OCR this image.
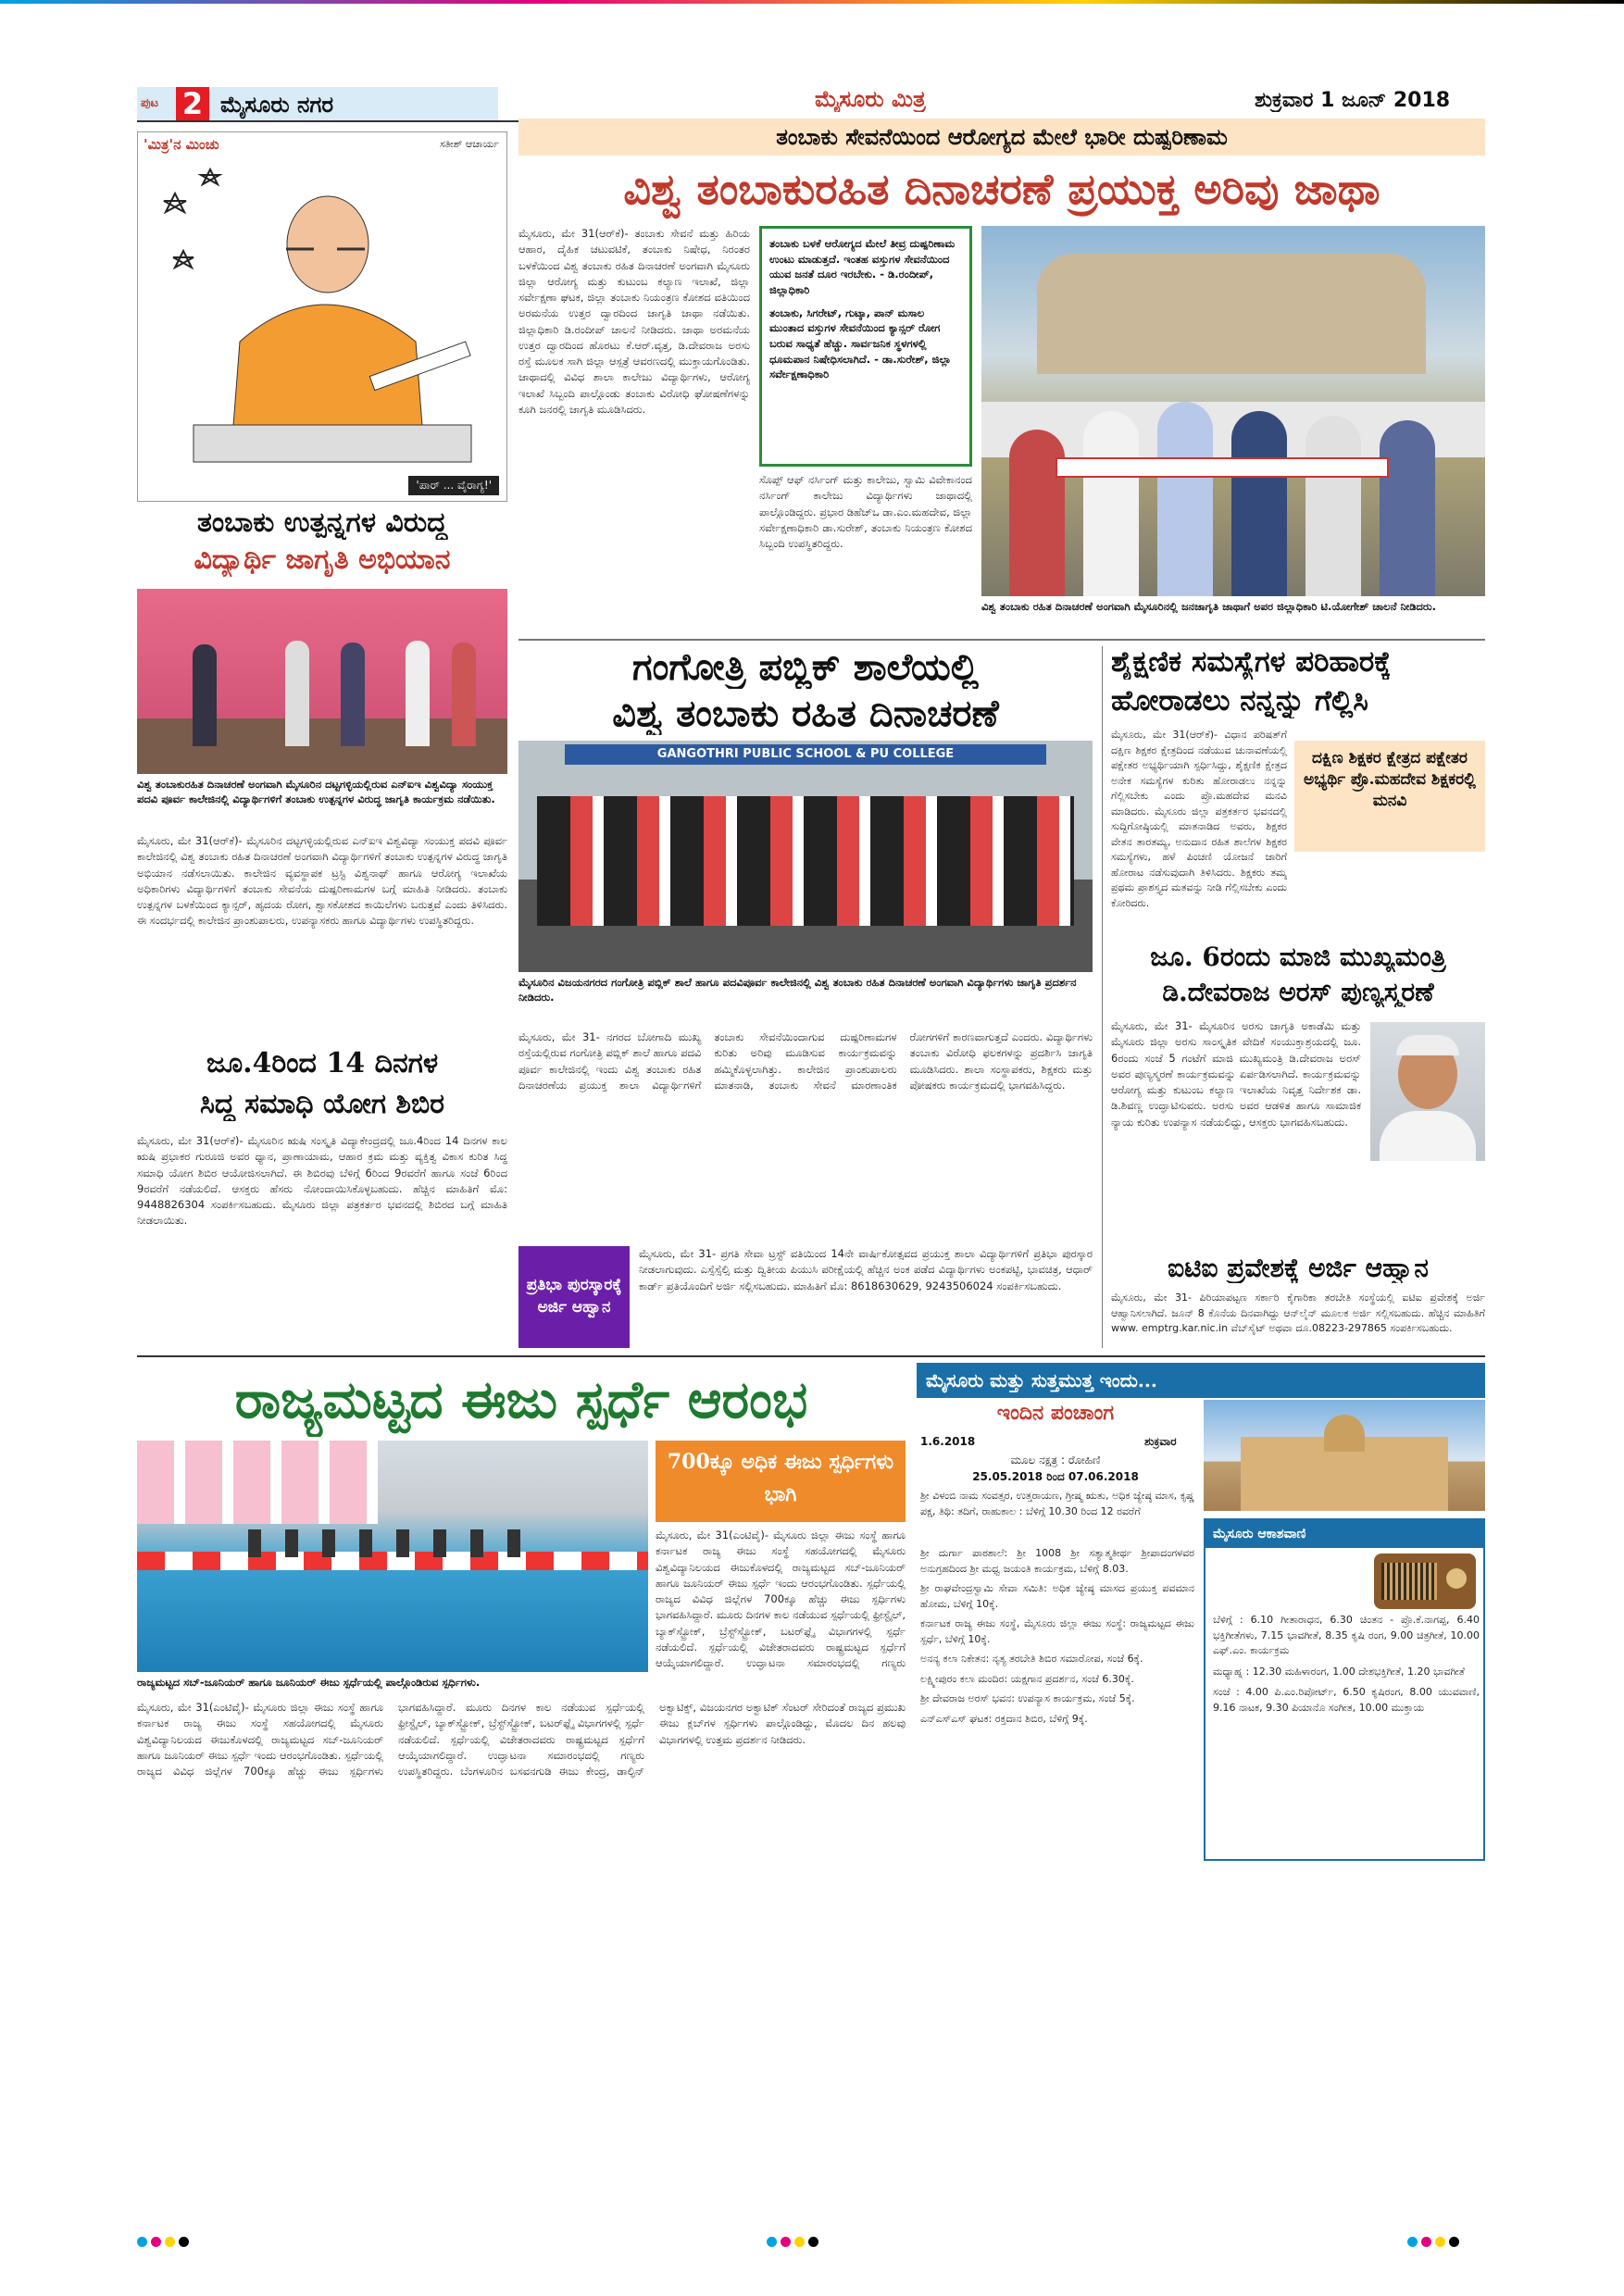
ಪುಟ 2 ಮೈಸೂರು ನಗರ	ಮೈಸೂರು ಮಿತ್ರ	ಶುಕ್ರವಾರ 1 ಜೂನ್ 2018
'ಮಿತ್ರ'ನ ಮಿಂಚು	ಸತೀಶ್ ಆಚಾರ್ಯ
'ಪಾರ್ ... ವೈರಾಗ್ಯ!'
ತಂಬಾಕು ಉತ್ಪನ್ನಗಳ ವಿರುದ್ಧ
ವಿದ್ಯಾರ್ಥಿ ಜಾಗೃತಿ ಅಭಿಯಾನ
ವಿಶ್ವ ತಂಬಾಕುರಹಿತ ದಿನಾಚರಣೆ ಅಂಗವಾಗಿ ಮೈಸೂರಿನ ದಟ್ಟಗಳ್ಳಿಯಲ್ಲಿರುವ ಎನ್‌ಐಇ ವಿಶ್ವವಿದ್ಯಾ ಸಂಯುಕ್ತ ಪದವಿ ಪೂರ್ವ ಕಾಲೇಜಿನಲ್ಲಿ ವಿದ್ಯಾರ್ಥಿಗಳಿಗೆ ತಂಬಾಕು ಉತ್ಪನ್ನಗಳ ವಿರುದ್ಧ ಜಾಗೃತಿ ಕಾರ್ಯಕ್ರಮ ನಡೆಯಿತು.
ಮೈಸೂರು, ಮೇ 31(ಆರ್‌ಕೆ)- ಮೈಸೂರಿನ ದಟ್ಟಗಳ್ಳಿಯಲ್ಲಿರುವ ಎನ್‌ಐಇ ವಿಶ್ವವಿದ್ಯಾ ಸಂಯುಕ್ತ ಪದವಿ ಪೂರ್ವ ಕಾಲೇಜಿನಲ್ಲಿ ವಿಶ್ವ ತಂಬಾಕು ರಹಿತ ದಿನಾಚರಣೆ ಅಂಗವಾಗಿ ವಿದ್ಯಾರ್ಥಿಗಳಿಗೆ ತಂಬಾಕು ಉತ್ಪನ್ನಗಳ ವಿರುದ್ಧ ಜಾಗೃತಿ ಅಭಿಯಾನ ನಡೆಸಲಾಯಿತು. ಕಾಲೇಜಿನ ವ್ಯವಸ್ಥಾಪಕ ಟ್ರಸ್ಟಿ ವಿಶ್ವನಾಥ್ ಹಾಗೂ ಆರೋಗ್ಯ ಇಲಾಖೆಯ ಅಧಿಕಾರಿಗಳು ವಿದ್ಯಾರ್ಥಿಗಳಿಗೆ ತಂಬಾಕು ಸೇವನೆಯ ದುಷ್ಪರಿಣಾಮಗಳ ಬಗ್ಗೆ ಮಾಹಿತಿ ನೀಡಿದರು. ತಂಬಾಕು ಉತ್ಪನ್ನಗಳ ಬಳಕೆಯಿಂದ ಕ್ಯಾನ್ಸರ್, ಹೃದಯ ರೋಗ, ಶ್ವಾಸಕೋಶದ ಕಾಯಿಲೆಗಳು ಬರುತ್ತವೆ ಎಂದು ತಿಳಿಸಿದರು. ಈ ಸಂದರ್ಭದಲ್ಲಿ ಕಾಲೇಜಿನ ಪ್ರಾಂಶುಪಾಲರು, ಉಪನ್ಯಾಸಕರು ಹಾಗೂ ವಿದ್ಯಾರ್ಥಿಗಳು ಉಪಸ್ಥಿತರಿದ್ದರು.
ಜೂ.4ರಿಂದ 14 ದಿನಗಳ
ಸಿದ್ಧ ಸಮಾಧಿ ಯೋಗ ಶಿಬಿರ
ಮೈಸೂರು, ಮೇ 31(ಆರ್‌ಕೆ)- ಮೈಸೂರಿನ ಋಷಿ ಸಂಸ್ಕೃತಿ ವಿದ್ಯಾಕೇಂದ್ರದಲ್ಲಿ ಜೂ.4ರಿಂದ 14 ದಿನಗಳ ಕಾಲ ಋಷಿ ಪ್ರಭಾಕರ ಗುರೂಜಿ ಅವರ ಧ್ಯಾನ, ಪ್ರಾಣಾಯಾಮ, ಆಹಾರ ಕ್ರಮ ಮತ್ತು ವ್ಯಕ್ತಿತ್ವ ವಿಕಾಸ ಕುರಿತ ಸಿದ್ಧ ಸಮಾಧಿ ಯೋಗ ಶಿಬಿರ ಆಯೋಜಿಸಲಾಗಿದೆ. ಈ ಶಿಬಿರವು ಬೆಳಿಗ್ಗೆ 6ರಿಂದ 9ರವರೆಗೆ ಹಾಗೂ ಸಂಜೆ 6ರಿಂದ 9ರವರೆಗೆ ನಡೆಯಲಿದೆ. ಆಸಕ್ತರು ಹೆಸರು ನೋಂದಾಯಿಸಿಕೊಳ್ಳಬಹುದು. ಹೆಚ್ಚಿನ ಮಾಹಿತಿಗೆ ಮೊ: 9448826304 ಸಂಪರ್ಕಿಸಬಹುದು. ಮೈಸೂರು ಜಿಲ್ಲಾ ಪತ್ರಕರ್ತರ ಭವನದಲ್ಲಿ ಶಿಬಿರದ ಬಗ್ಗೆ ಮಾಹಿತಿ ನೀಡಲಾಯಿತು.
ತಂಬಾಕು ಸೇವನೆಯಿಂದ ಆರೋಗ್ಯದ ಮೇಲೆ ಭಾರೀ ದುಷ್ಪರಿಣಾಮ
ವಿಶ್ವ ತಂಬಾಕುರಹಿತ ದಿನಾಚರಣೆ ಪ್ರಯುಕ್ತ ಅರಿವು ಜಾಥಾ
ಮೈಸೂರು, ಮೇ 31(ಆರ್‌ಕೆ)- ತಂಬಾಕು ಸೇವನೆ ಮತ್ತು ಹಿರಿಯ ಆಹಾರ, ದೈಹಿಕ ಚಟುವಟಿಕೆ, ತಂಬಾಕು ನಿಷೇಧ, ನಿರಂತರ ಬಳಕೆಯಿಂದ ವಿಶ್ವ ತಂಬಾಕು ರಹಿತ ದಿನಾಚರಣೆ ಅಂಗವಾಗಿ ಮೈಸೂರು ಜಿಲ್ಲಾ ಆರೋಗ್ಯ ಮತ್ತು ಕುಟುಂಬ ಕಲ್ಯಾಣ ಇಲಾಖೆ, ಜಿಲ್ಲಾ ಸರ್ವೇಕ್ಷಣಾ ಘಟಕ, ಜಿಲ್ಲಾ ತಂಬಾಕು ನಿಯಂತ್ರಣ ಕೋಶದ ವತಿಯಿಂದ ಅರಮನೆಯ ಉತ್ತರ ದ್ವಾರದಿಂದ ಜಾಗೃತಿ ಜಾಥಾ ನಡೆಯಿತು. ಜಿಲ್ಲಾಧಿಕಾರಿ ಡಿ.ರಂದೀಪ್ ಚಾಲನೆ ನೀಡಿದರು. ಜಾಥಾ ಅರಮನೆಯ ಉತ್ತರ ದ್ವಾರದಿಂದ ಹೊರಟು ಕೆ.ಆರ್.ವೃತ್ತ, ಡಿ.ದೇವರಾಜ ಅರಸು ರಸ್ತೆ ಮೂಲಕ ಸಾಗಿ ಜಿಲ್ಲಾ ಆಸ್ಪತ್ರೆ ಆವರಣದಲ್ಲಿ ಮುಕ್ತಾಯಗೊಂಡಿತು. ಜಾಥಾದಲ್ಲಿ ವಿವಿಧ ಶಾಲಾ ಕಾಲೇಜು ವಿದ್ಯಾರ್ಥಿಗಳು, ಆರೋಗ್ಯ ಇಲಾಖೆ ಸಿಬ್ಬಂದಿ ಪಾಲ್ಗೊಂಡು ತಂಬಾಕು ವಿರೋಧಿ ಘೋಷಣೆಗಳನ್ನು ಕೂಗಿ ಜನರಲ್ಲಿ ಜಾಗೃತಿ ಮೂಡಿಸಿದರು.

ತಂಬಾಕು ಬಳಕೆ ಆರೋಗ್ಯದ ಮೇಲೆ ತೀವ್ರ ದುಷ್ಪರಿಣಾಮ ಉಂಟು ಮಾಡುತ್ತದೆ. ಇಂತಹ ವಸ್ತುಗಳ ಸೇವನೆಯಿಂದ ಯುವ ಜನತೆ ದೂರ ಇರಬೇಕು. - ಡಿ.ರಂದೀಪ್, ಜಿಲ್ಲಾಧಿಕಾರಿ

ತಂಬಾಕು, ಸಿಗರೇಟ್, ಗುಟ್ಕಾ, ಪಾನ್ ಮಸಾಲ ಮುಂತಾದ ವಸ್ತುಗಳ ಸೇವನೆಯಿಂದ ಕ್ಯಾನ್ಸರ್ ರೋಗ ಬರುವ ಸಾಧ್ಯತೆ ಹೆಚ್ಚು. ಸಾರ್ವಜನಿಕ ಸ್ಥಳಗಳಲ್ಲಿ ಧೂಮಪಾನ ನಿಷೇಧಿಸಲಾಗಿದೆ. - ಡಾ.ಸುರೇಶ್, ಜಿಲ್ಲಾ ಸರ್ವೇಕ್ಷಣಾಧಿಕಾರಿ

ಸೊಪ್ಪ್ ಆಫ್ ನರ್ಸಿಂಗ್ ಮತ್ತು ಕಾಲೇಜು, ಸ್ವಾಮಿ ವಿವೇಕಾನಂದ ನರ್ಸಿಂಗ್ ಕಾಲೇಜು ವಿದ್ಯಾರ್ಥಿಗಳು ಜಾಥಾದಲ್ಲಿ ಪಾಲ್ಗೊಂಡಿದ್ದರು. ಪ್ರಭಾರ ಡಿಹೆಚ್‌ಒ ಡಾ.ಎಂ.ಮಹದೇವ, ಜಿಲ್ಲಾ ಸರ್ವೇಕ್ಷಣಾಧಿಕಾರಿ ಡಾ.ಸುರೇಶ್, ತಂಬಾಕು ನಿಯಂತ್ರಣ ಕೋಶದ ಸಿಬ್ಬಂದಿ ಉಪಸ್ಥಿತರಿದ್ದರು.
ವಿಶ್ವ ತಂಬಾಕು ರಹಿತ ದಿನಾಚರಣೆ ಅಂಗವಾಗಿ ಮೈಸೂರಿನಲ್ಲಿ ಜನಜಾಗೃತಿ ಜಾಥಾಗೆ ಅಪರ ಜಿಲ್ಲಾಧಿಕಾರಿ ಟಿ.ಯೋಗೇಶ್ ಚಾಲನೆ ನೀಡಿದರು.
ಗಂಗೋತ್ರಿ ಪಬ್ಲಿಕ್ ಶಾಲೆಯಲ್ಲಿ
ವಿಶ್ವ ತಂಬಾಕು ರಹಿತ ದಿನಾಚರಣೆ
GANGOTHRI PUBLIC SCHOOL & PU COLLEGE
ಮೈಸೂರಿನ ವಿಜಯನಗರದ ಗಂಗೋತ್ರಿ ಪಬ್ಲಿಕ್ ಶಾಲೆ ಹಾಗೂ ಪದವಿಪೂರ್ವ ಕಾಲೇಜಿನಲ್ಲಿ ವಿಶ್ವ ತಂಬಾಕು ರಹಿತ ದಿನಾಚರಣೆ ಅಂಗವಾಗಿ ವಿದ್ಯಾರ್ಥಿಗಳು ಜಾಗೃತಿ ಪ್ರದರ್ಶನ ನೀಡಿದರು.
ಮೈಸೂರು, ಮೇ 31- ನಗರದ ಬೋಗಾದಿ ಮುಖ್ಯ ರಸ್ತೆಯಲ್ಲಿರುವ ಗಂಗೋತ್ರಿ ಪಬ್ಲಿಕ್ ಶಾಲೆ ಹಾಗೂ ಪದವಿ ಪೂರ್ವ ಕಾಲೇಜಿನಲ್ಲಿ ಇಂದು ವಿಶ್ವ ತಂಬಾಕು ರಹಿತ ದಿನಾಚರಣೆಯ ಪ್ರಯುಕ್ತ ಶಾಲಾ ವಿದ್ಯಾರ್ಥಿಗಳಿಗೆ ತಂಬಾಕು ಸೇವನೆಯಿಂದಾಗುವ ದುಷ್ಪರಿಣಾಮಗಳ ಕುರಿತು ಅರಿವು ಮೂಡಿಸುವ ಕಾರ್ಯಕ್ರಮವನ್ನು ಹಮ್ಮಿಕೊಳ್ಳಲಾಗಿತ್ತು. ಕಾಲೇಜಿನ ಪ್ರಾಂಶುಪಾಲರು ಮಾತನಾಡಿ, ತಂಬಾಕು ಸೇವನೆ ಮಾರಣಾಂತಿಕ ರೋಗಗಳಿಗೆ ಕಾರಣವಾಗುತ್ತದೆ ಎಂದರು. ವಿದ್ಯಾರ್ಥಿಗಳು ತಂಬಾಕು ವಿರೋಧಿ ಫಲಕಗಳನ್ನು ಪ್ರದರ್ಶಿಸಿ ಜಾಗೃತಿ ಮೂಡಿಸಿದರು. ಶಾಲಾ ಸಂಸ್ಥಾಪಕರು, ಶಿಕ್ಷಕರು ಮತ್ತು ಪೋಷಕರು ಕಾರ್ಯಕ್ರಮದಲ್ಲಿ ಭಾಗವಹಿಸಿದ್ದರು.
ಪ್ರತಿಭಾ ಪುರಸ್ಕಾರಕ್ಕೆ ಅರ್ಜಿ ಆಹ್ವಾನ
ಮೈಸೂರು, ಮೇ 31- ಪ್ರಗತಿ ಸೇವಾ ಟ್ರಸ್ಟ್ ವತಿಯಿಂದ 14ನೇ ವಾರ್ಷಿಕೋತ್ಸವದ ಪ್ರಯುಕ್ತ ಶಾಲಾ ವಿದ್ಯಾರ್ಥಿಗಳಿಗೆ ಪ್ರತಿಭಾ ಪುರಸ್ಕಾರ ನೀಡಲಾಗುವುದು. ಎಸ್ಸೆಸ್ಸೆಲ್ಸಿ ಮತ್ತು ದ್ವಿತೀಯ ಪಿಯುಸಿ ಪರೀಕ್ಷೆಯಲ್ಲಿ ಹೆಚ್ಚಿನ ಅಂಕ ಪಡೆದ ವಿದ್ಯಾರ್ಥಿಗಳು ಅಂಕಪಟ್ಟಿ, ಭಾವಚಿತ್ರ, ಆಧಾರ್ ಕಾರ್ಡ್ ಪ್ರತಿಯೊಂದಿಗೆ ಅರ್ಜಿ ಸಲ್ಲಿಸಬಹುದು. ಮಾಹಿತಿಗೆ ಮೊ: 8618630629, 9243506024 ಸಂಪರ್ಕಿಸಬಹುದು.
ಶೈಕ್ಷಣಿಕ ಸಮಸ್ಯೆಗಳ ಪರಿಹಾರಕ್ಕೆ
ಹೋರಾಡಲು ನನ್ನನ್ನು ಗೆಲ್ಲಿಸಿ
ದಕ್ಷಿಣ ಶಿಕ್ಷಕರ ಕ್ಷೇತ್ರದ ಪಕ್ಷೇತರ ಅಭ್ಯರ್ಥಿ ಪ್ರೊ.ಮಹದೇವ ಶಿಕ್ಷಕರಲ್ಲಿ ಮನವಿ
ಮೈಸೂರು, ಮೇ 31(ಆರ್‌ಕೆ)- ವಿಧಾನ ಪರಿಷತ್‌ಗೆ ದಕ್ಷಿಣ ಶಿಕ್ಷಕರ ಕ್ಷೇತ್ರದಿಂದ ನಡೆಯುವ ಚುನಾವಣೆಯಲ್ಲಿ ಪಕ್ಷೇತರ ಅಭ್ಯರ್ಥಿಯಾಗಿ ಸ್ಪರ್ಧಿಸಿದ್ದು, ಶೈಕ್ಷಣಿಕ ಕ್ಷೇತ್ರದ ಅನೇಕ ಸಮಸ್ಯೆಗಳ ಕುರಿತು ಹೋರಾಡಲು ನನ್ನನ್ನು ಗೆಲ್ಲಿಸಬೇಕು ಎಂದು ಪ್ರೊ.ಮಹದೇವ ಮನವಿ ಮಾಡಿದರು. ಮೈಸೂರು ಜಿಲ್ಲಾ ಪತ್ರಕರ್ತರ ಭವನದಲ್ಲಿ ಸುದ್ದಿಗೋಷ್ಠಿಯಲ್ಲಿ ಮಾತನಾಡಿದ ಅವರು, ಶಿಕ್ಷಕರ ವೇತನ ತಾರತಮ್ಯ, ಅನುದಾನ ರಹಿತ ಶಾಲೆಗಳ ಶಿಕ್ಷಕರ ಸಮಸ್ಯೆಗಳು, ಹಳೆ ಪಿಂಚಣಿ ಯೋಜನೆ ಜಾರಿಗೆ ಹೋರಾಟ ನಡೆಸುವುದಾಗಿ ತಿಳಿಸಿದರು. ಶಿಕ್ಷಕರು ತಮ್ಮ ಪ್ರಥಮ ಪ್ರಾಶಸ್ತ್ಯದ ಮತವನ್ನು ನೀಡಿ ಗೆಲ್ಲಿಸಬೇಕು ಎಂದು ಕೋರಿದರು.
ಜೂ. 6ರಂದು ಮಾಜಿ ಮುಖ್ಯಮಂತ್ರಿ
ಡಿ.ದೇವರಾಜ ಅರಸ್ ಪುಣ್ಯಸ್ಮರಣೆ
ಮೈಸೂರು, ಮೇ 31- ಮೈಸೂರಿನ ಅರಸು ಜಾಗೃತಿ ಅಕಾಡೆಮಿ ಮತ್ತು ಮೈಸೂರು ಜಿಲ್ಲಾ ಅರಸು ಸಾಂಸ್ಕೃತಿಕ ವೇದಿಕೆ ಸಂಯುಕ್ತಾಶ್ರಯದಲ್ಲಿ ಜೂ. 6ರಂದು ಸಂಜೆ 5 ಗಂಟೆಗೆ ಮಾಜಿ ಮುಖ್ಯಮಂತ್ರಿ ಡಿ.ದೇವರಾಜ ಅರಸ್ ಅವರ ಪುಣ್ಯಸ್ಮರಣೆ ಕಾರ್ಯಕ್ರಮವನ್ನು ಏರ್ಪಡಿಸಲಾಗಿದೆ. ಕಾರ್ಯಕ್ರಮವನ್ನು ಆರೋಗ್ಯ ಮತ್ತು ಕುಟುಂಬ ಕಲ್ಯಾಣ ಇಲಾಖೆಯ ನಿವೃತ್ತ ನಿರ್ದೇಶಕ ಡಾ. ಡಿ.ಶಿವಣ್ಣ ಉದ್ಘಾಟಿಸುವರು. ಅರಸು ಅವರ ಆಡಳಿತ ಹಾಗೂ ಸಾಮಾಜಿಕ ನ್ಯಾಯ ಕುರಿತು ಉಪನ್ಯಾಸ ನಡೆಯಲಿದ್ದು, ಆಸಕ್ತರು ಭಾಗವಹಿಸಬಹುದು.
ಐಟಿಐ ಪ್ರವೇಶಕ್ಕೆ ಅರ್ಜಿ ಆಹ್ವಾನ
ಮೈಸೂರು, ಮೇ 31- ಪಿರಿಯಾಪಟ್ಟಣ ಸರ್ಕಾರಿ ಕೈಗಾರಿಕಾ ತರಬೇತಿ ಸಂಸ್ಥೆಯಲ್ಲಿ ಐಟಿಐ ಪ್ರವೇಶಕ್ಕೆ ಅರ್ಜಿ ಆಹ್ವಾನಿಸಲಾಗಿದೆ. ಜೂನ್ 8 ಕೊನೆಯ ದಿನವಾಗಿದ್ದು ಆನ್‌ಲೈನ್ ಮೂಲಕ ಅರ್ಜಿ ಸಲ್ಲಿಸಬಹುದು. ಹೆಚ್ಚಿನ ಮಾಹಿತಿಗೆ www. emptrg.kar.nic.in ವೆಬ್‌ಸೈಟ್ ಅಥವಾ ದೂ.08223-297865 ಸಂಪರ್ಕಿಸಬಹುದು.
ರಾಜ್ಯಮಟ್ಟದ ಈಜು ಸ್ಪರ್ಧೆ ಆರಂಭ
700ಕ್ಕೂ ಅಧಿಕ ಈಜು ಸ್ಪರ್ಧಿಗಳು ಭಾಗಿ
ಮೈಸೂರು, ಮೇ 31(ಎಂಟಿವೈ)- ಮೈಸೂರು ಜಿಲ್ಲಾ ಈಜು ಸಂಸ್ಥೆ ಹಾಗೂ ಕರ್ನಾಟಕ ರಾಜ್ಯ ಈಜು ಸಂಸ್ಥೆ ಸಹಯೋಗದಲ್ಲಿ ಮೈಸೂರು ವಿಶ್ವವಿದ್ಯಾನಿಲಯದ ಈಜುಕೊಳದಲ್ಲಿ ರಾಜ್ಯಮಟ್ಟದ ಸಬ್-ಜೂನಿಯರ್ ಹಾಗೂ ಜೂನಿಯರ್ ಈಜು ಸ್ಪರ್ಧೆ ಇಂದು ಆರಂಭಗೊಂಡಿತು. ಸ್ಪರ್ಧೆಯಲ್ಲಿ ರಾಜ್ಯದ ವಿವಿಧ ಜಿಲ್ಲೆಗಳ 700ಕ್ಕೂ ಹೆಚ್ಚು ಈಜು ಸ್ಪರ್ಧಿಗಳು ಭಾಗವಹಿಸಿದ್ದಾರೆ. ಮೂರು ದಿನಗಳ ಕಾಲ ನಡೆಯುವ ಸ್ಪರ್ಧೆಯಲ್ಲಿ ಫ್ರೀಸ್ಟೈಲ್, ಬ್ಯಾಕ್‌ಸ್ಟ್ರೋಕ್, ಬ್ರೆಸ್ಟ್‌ಸ್ಟ್ರೋಕ್, ಬಟರ್‌ಫ್ಲೈ ವಿಭಾಗಗಳಲ್ಲಿ ಸ್ಪರ್ಧೆ ನಡೆಯಲಿದೆ. ಸ್ಪರ್ಧೆಯಲ್ಲಿ ವಿಜೇತರಾದವರು ರಾಷ್ಟ್ರಮಟ್ಟದ ಸ್ಪರ್ಧೆಗೆ ಆಯ್ಕೆಯಾಗಲಿದ್ದಾರೆ. ಉದ್ಘಾಟನಾ ಸಮಾರಂಭದಲ್ಲಿ ಗಣ್ಯರು
ರಾಜ್ಯಮಟ್ಟದ ಸಬ್-ಜೂನಿಯರ್ ಹಾಗೂ ಜೂನಿಯರ್ ಈಜು ಸ್ಪರ್ಧೆಯಲ್ಲಿ ಪಾಲ್ಗೊಂಡಿರುವ ಸ್ಪರ್ಧಿಗಳು.
ಮೈಸೂರು, ಮೇ 31(ಎಂಟಿವೈ)- ಮೈಸೂರು ಜಿಲ್ಲಾ ಈಜು ಸಂಸ್ಥೆ ಹಾಗೂ ಕರ್ನಾಟಕ ರಾಜ್ಯ ಈಜು ಸಂಸ್ಥೆ ಸಹಯೋಗದಲ್ಲಿ ಮೈಸೂರು ವಿಶ್ವವಿದ್ಯಾನಿಲಯದ ಈಜುಕೊಳದಲ್ಲಿ ರಾಜ್ಯಮಟ್ಟದ ಸಬ್-ಜೂನಿಯರ್ ಹಾಗೂ ಜೂನಿಯರ್ ಈಜು ಸ್ಪರ್ಧೆ ಇಂದು ಆರಂಭಗೊಂಡಿತು. ಸ್ಪರ್ಧೆಯಲ್ಲಿ ರಾಜ್ಯದ ವಿವಿಧ ಜಿಲ್ಲೆಗಳ 700ಕ್ಕೂ ಹೆಚ್ಚು ಈಜು ಸ್ಪರ್ಧಿಗಳು ಭಾಗವಹಿಸಿದ್ದಾರೆ. ಮೂರು ದಿನಗಳ ಕಾಲ ನಡೆಯುವ ಸ್ಪರ್ಧೆಯಲ್ಲಿ ಫ್ರೀಸ್ಟೈಲ್, ಬ್ಯಾಕ್‌ಸ್ಟ್ರೋಕ್, ಬ್ರೆಸ್ಟ್‌ಸ್ಟ್ರೋಕ್, ಬಟರ್‌ಫ್ಲೈ ವಿಭಾಗಗಳಲ್ಲಿ ಸ್ಪರ್ಧೆ ನಡೆಯಲಿದೆ. ಸ್ಪರ್ಧೆಯಲ್ಲಿ ವಿಜೇತರಾದವರು ರಾಷ್ಟ್ರಮಟ್ಟದ ಸ್ಪರ್ಧೆಗೆ ಆಯ್ಕೆಯಾಗಲಿದ್ದಾರೆ. ಉದ್ಘಾಟನಾ ಸಮಾರಂಭದಲ್ಲಿ ಗಣ್ಯರು ಉಪಸ್ಥಿತರಿದ್ದರು. ಬೆಂಗಳೂರಿನ ಬಸವನಗುಡಿ ಈಜು ಕೇಂದ್ರ, ಡಾಲ್ಫಿನ್ ಅಕ್ವಾಟಿಕ್ಸ್, ವಿಜಯನಗರ ಅಕ್ವಾಟಿಕ್ ಸೆಂಟರ್ ಸೇರಿದಂತೆ ರಾಜ್ಯದ ಪ್ರಮುಖ ಈಜು ಕ್ಲಬ್‌ಗಳ ಸ್ಪರ್ಧಿಗಳು ಪಾಲ್ಗೊಂಡಿದ್ದು, ಮೊದಲ ದಿನ ಹಲವು ವಿಭಾಗಗಳಲ್ಲಿ ಉತ್ತಮ ಪ್ರದರ್ಶನ ನೀಡಿದರು.
ಮೈಸೂರು ಮತ್ತು ಸುತ್ತಮುತ್ತ ಇಂದು...
ಇಂದಿನ ಪಂಚಾಂಗ
1.6.2018	ಶುಕ್ರವಾರ
ಮೂಲ ನಕ್ಷತ್ರ : ರೋಹಿಣಿ
25.05.2018 ರಿಂದ 07.06.2018
ಶ್ರೀ ವಿಳಂಬಿ ನಾಮ ಸಂವತ್ಸರ, ಉತ್ತರಾಯಣ, ಗ್ರೀಷ್ಮ ಋತು, ಅಧಿಕ ಜ್ಯೇಷ್ಠ ಮಾಸ, ಕೃಷ್ಣ ಪಕ್ಷ, ತಿಥಿ: ತದಿಗೆ, ರಾಹುಕಾಲ : ಬೆಳಿಗ್ಗೆ 10.30 ರಿಂದ 12 ರವರೆಗೆ

ಶ್ರೀ ದುರ್ಗಾ ಪಾಠಶಾಲೆ: ಶ್ರೀ 1008 ಶ್ರೀ ಸತ್ಯಾತ್ಮತೀರ್ಥ ಶ್ರೀಪಾದಂಗಳವರ ಅನುಗ್ರಹದಿಂದ ಶ್ರೀ ಮಧ್ವ ಜಯಂತಿ ಕಾರ್ಯಕ್ರಮ, ಬೆಳಿಗ್ಗೆ 8.03.

ಶ್ರೀ ರಾಘವೇಂದ್ರಸ್ವಾಮಿ ಸೇವಾ ಸಮಿತಿ: ಅಧಿಕ ಜ್ಯೇಷ್ಠ ಮಾಸದ ಪ್ರಯುಕ್ತ ಪವಮಾನ ಹೋಮ, ಬೆಳಿಗ್ಗೆ 10ಕ್ಕೆ.

ಕರ್ನಾಟಕ ರಾಜ್ಯ ಈಜು ಸಂಸ್ಥೆ, ಮೈಸೂರು ಜಿಲ್ಲಾ ಈಜು ಸಂಸ್ಥೆ: ರಾಜ್ಯಮಟ್ಟದ ಈಜು ಸ್ಪರ್ಧೆ, ಬೆಳಿಗ್ಗೆ 10ಕ್ಕೆ.

ಅನನ್ಯ ಕಲಾ ನಿಕೇತನ: ನೃತ್ಯ ತರಬೇತಿ ಶಿಬಿರ ಸಮಾರೋಪ, ಸಂಜೆ 6ಕ್ಕೆ.

ಲಕ್ಷ್ಮೀಪುರಂ ಕಲಾ ಮಂದಿರ: ಯಕ್ಷಗಾನ ಪ್ರದರ್ಶನ, ಸಂಜೆ 6.30ಕ್ಕೆ.

ಶ್ರೀ ದೇವರಾಜ ಅರಸ್ ಭವನ: ಉಪನ್ಯಾಸ ಕಾರ್ಯಕ್ರಮ, ಸಂಜೆ 5ಕ್ಕೆ.

ಎನ್‌ಎಸ್‌ಎಸ್ ಘಟಕ: ರಕ್ತದಾನ ಶಿಬಿರ, ಬೆಳಿಗ್ಗೆ 9ಕ್ಕೆ.

ಮೈಸೂರು ಆಕಾಶವಾಣಿ

ಬೆಳಿಗ್ಗೆ : 6.10 ಗೀತಾರಾಧನ, 6.30 ಚಿಂತನ - ಪ್ರೊ.ಕೆ.ನಾಗಪ್ಪ, 6.40 ಭಕ್ತಿಗೀತೆಗಳು, 7.15 ಭಾವಗೀತೆ, 8.35 ಕೃಷಿ ರಂಗ, 9.00 ಚಿತ್ರಗೀತೆ, 10.00 ಎಫ್.ಎಂ. ಕಾರ್ಯಕ್ರಮ

ಮಧ್ಯಾಹ್ನ : 12.30 ಮಹಿಳಾರಂಗ, 1.00 ದೇಶಭಕ್ತಿಗೀತೆ, 1.20 ಭಾವಗೀತೆ

ಸಂಜೆ : 4.00 ಪಿ.ಎಂ.ರಿಪೋರ್ಟ್, 6.50 ಕೃಷಿರಂಗ, 8.00 ಯುವವಾಣಿ, 9.16 ನಾಟಕ, 9.30 ಪಿಯಾನೊ ಸಂಗೀತ, 10.00 ಮುಕ್ತಾಯ
